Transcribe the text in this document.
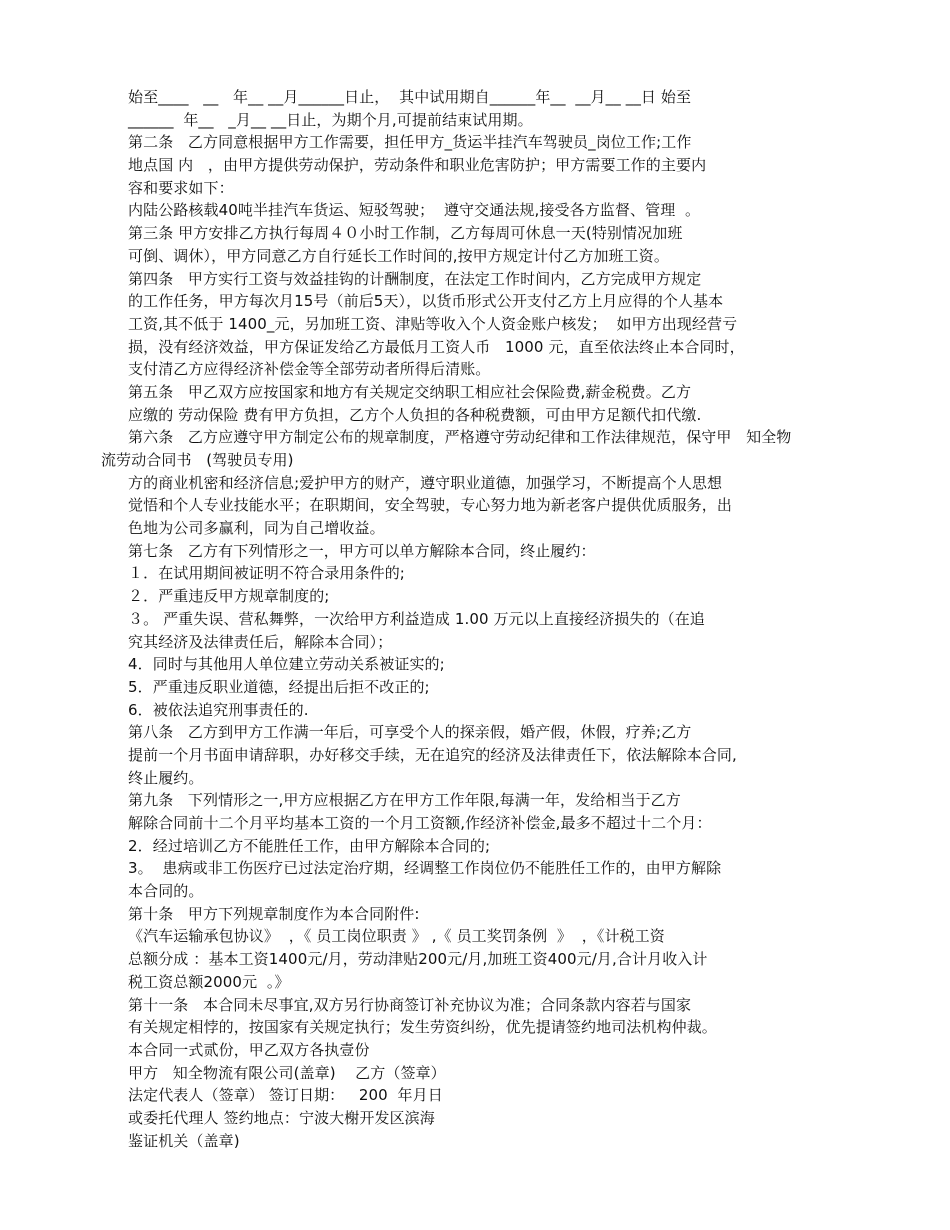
始至____   __   年__ __月______日止，  其中试用期自______年__  __月__ __日 始至
______  年__   _月__ __日止，为期个月,可提前结束试用期。
第二条   乙方同意根据甲方工作需要，担任甲方_货运半挂汽车驾驶员_岗位工作;工作
地点国 内   ，由甲方提供劳动保护，劳动条件和职业危害防护；甲方需要工作的主要内
容和要求如下：
内陆公路核载40吨半挂汽车货运、短驳驾驶；  遵守交通法规,接受各方监督、管理  。
第三条 甲方安排乙方执行每周４０小时工作制，乙方每周可休息一天(特别情况加班
可倒、调休），甲方同意乙方自行延长工作时间的,按甲方规定计付乙方加班工资。
第四条   甲方实行工资与效益挂钩的计酬制度，在法定工作时间内，乙方完成甲方规定
的工作任务，甲方每次月15号（前后5天），以货币形式公开支付乙方上月应得的个人基本
工资,其不低于 1400_元，另加班工资、津贴等收入个人资金账户核发；  如甲方出现经营亏
损，没有经济效益，甲方保证发给乙方最低月工资人币   1000 元，直至依法终止本合同时，
支付清乙方应得经济补偿金等全部劳动者所得后清账。
第五条   甲乙双方应按国家和地方有关规定交纳职工相应社会保险费,薪金税费。乙方
应缴的 劳动保险 费有甲方负担，乙方个人负担的各种税费额，可由甲方足额代扣代缴.
第六条   乙方应遵守甲方制定公布的规章制度，严格遵守劳动纪律和工作法律规范，保守甲   知全物
流劳动合同书   (驾驶员专用)
方的商业机密和经济信息;爱护甲方的财产，遵守职业道德，加强学习，不断提高个人思想
觉悟和个人专业技能水平；在职期间，安全驾驶，专心努力地为新老客户提供优质服务，出
色地为公司多赢利，同为自己增收益。
第七条   乙方有下列情形之一，甲方可以单方解除本合同，终止履约：
１．在试用期间被证明不符合录用条件的;
２．严重违反甲方规章制度的;
３。 严重失误、营私舞弊，一次给甲方利益造成 1.00 万元以上直接经济损失的（在追
究其经济及法律责任后，解除本合同）；
4．同时与其他用人单位建立劳动关系被证实的;
5．严重违反职业道德，经提出后拒不改正的;
6．被依法追究刑事责任的.
第八条   乙方到甲方工作满一年后，可享受个人的探亲假，婚产假，休假，疗养;乙方
提前一个月书面申请辞职，办好移交手续，无在追究的经济及法律责任下，依法解除本合同,
终止履约。
第九条   下列情形之一,甲方应根据乙方在甲方工作年限,每满一年，发给相当于乙方
解除合同前十二个月平均基本工资的一个月工资额,作经济补偿金,最多不超过十二个月：
2．经过培训乙方不能胜任工作，由甲方解除本合同的;
3。  患病或非工伤医疗已过法定治疗期，经调整工作岗位仍不能胜任工作的，由甲方解除
本合同的。
第十条   甲方下列规章制度作为本合同附件:
《汽车运输承包协议》  ，《 员工岗位职责 》 ,《 员工奖罚条例  》  ，《计税工资
总额分成 ：基本工资1400元/月，劳动津贴200元/月,加班工资400元/月,合计月收入计
税工资总额2000元  。》
第十一条   本合同未尽事宜,双方另行协商签订补充协议为准；合同条款内容若与国家
有关规定相悖的，按国家有关规定执行；发生劳资纠纷，优先提请签约地司法机构仲裁。
本合同一式贰份，甲乙双方各执壹份
甲方   知全物流有限公司(盖章)    乙方（签章）
法定代表人（签章） 签订日期：   200  年月日
或委托代理人 签约地点：宁波大榭开发区滨海
鉴证机关（盖章)
